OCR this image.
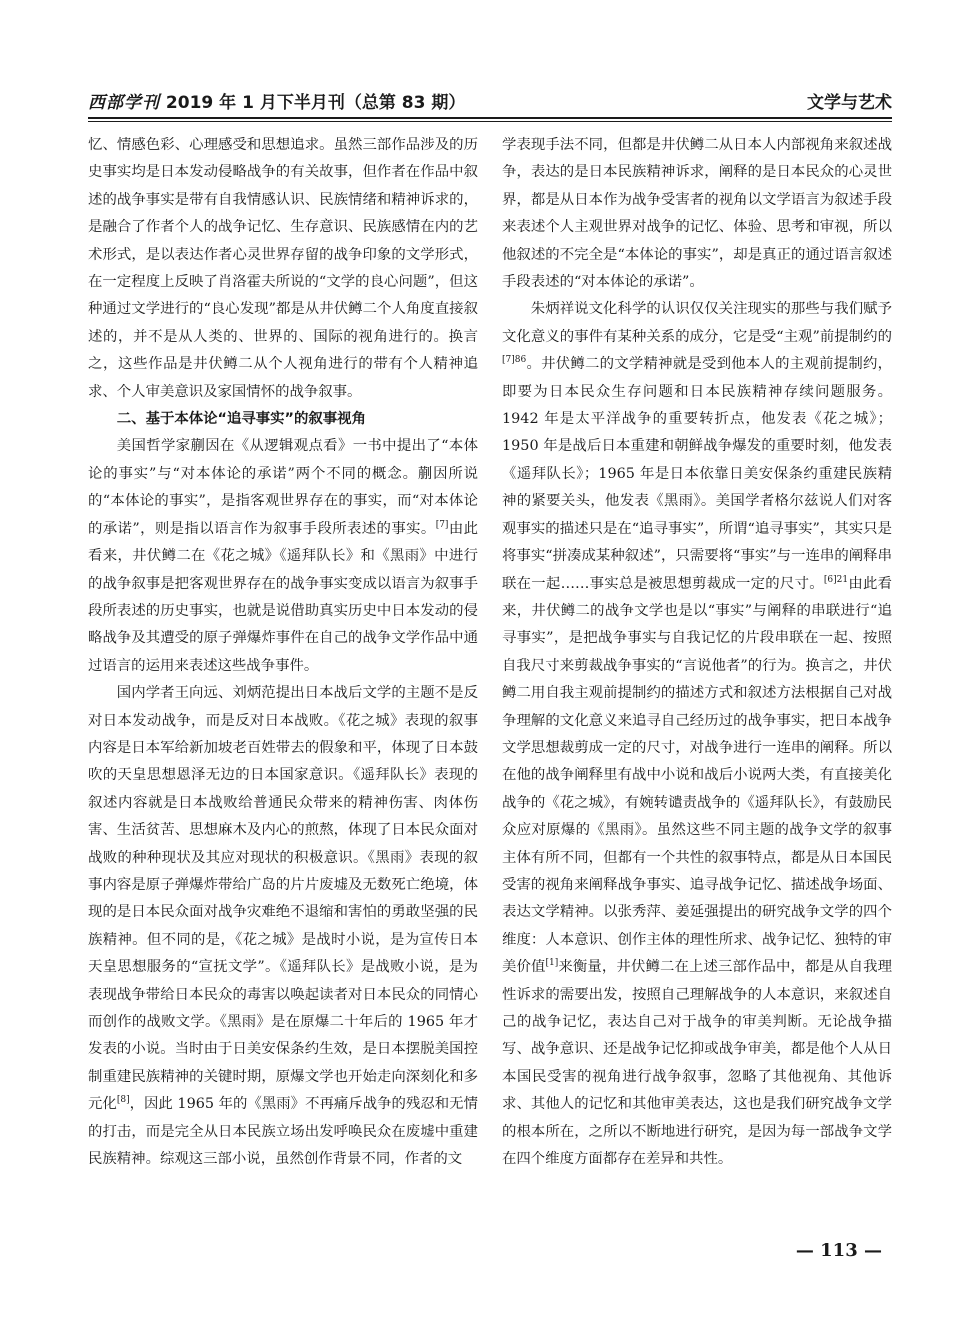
西部学刊 2019 年 1 月下半月刊（总第 83 期）	文学与艺术

忆、情感色彩、心理感受和思想追求。虽然三部作品涉及的历史事实均是日本发动侵略战争的有关故事，但作者在作品中叙述的战争事实是带有自我情感认识、民族情绪和精神诉求的，是融合了作者个人的战争记忆、生存意识、民族感情在内的艺术形式，是以表达作者心灵世界存留的战争印象的文学形式，在一定程度上反映了肖洛霍夫所说的“文学的良心问题”，但这种通过文学进行的“良心发现”都是从井伏鳟二个人角度直接叙述的，并不是从人类的、世界的、国际的视角进行的。换言之，这些作品是井伏鳟二从个人视角进行的带有个人精神追求、个人审美意识及家国情怀的战争叙事。

二、基于本体论“追寻事实”的叙事视角

美国哲学家蒯因在《从逻辑观点看》一书中提出了“本体论的事实”与“对本体论的承诺”两个不同的概念。蒯因所说的“本体论的事实”，是指客观世界存在的事实，而“对本体论的承诺”，则是指以语言作为叙事手段所表述的事实。[7]由此看来，井伏鳟二在《花之城》《遥拜队长》和《黑雨》中进行的战争叙事是把客观世界存在的战争事实变成以语言为叙事手段所表述的历史事实，也就是说借助真实历史中日本发动的侵略战争及其遭受的原子弹爆炸事件在自己的战争文学作品中通过语言的运用来表述这些战争事件。

国内学者王向远、刘炳范提出日本战后文学的主题不是反对日本发动战争，而是反对日本战败。《花之城》表现的叙事内容是日本军给新加坡老百姓带去的假象和平，体现了日本鼓吹的天皇思想恩泽无边的日本国家意识。《遥拜队长》表现的叙述内容就是日本战败给普通民众带来的精神伤害、肉体伤害、生活贫苦、思想麻木及内心的煎熬，体现了日本民众面对战败的种种现状及其应对现状的积极意识。《黑雨》表现的叙事内容是原子弹爆炸带给广岛的片片废墟及无数死亡绝境，体现的是日本民众面对战争灾难绝不退缩和害怕的勇敢坚强的民族精神。但不同的是，《花之城》是战时小说，是为宣传日本天皇思想服务的“宣抚文学”。《遥拜队长》是战败小说，是为表现战争带给日本民众的毒害以唤起读者对日本民众的同情心而创作的战败文学。《黑雨》是在原爆二十年后的 1965 年才发表的小说。当时由于日美安保条约生效，是日本摆脱美国控制重建民族精神的关键时期，原爆文学也开始走向深刻化和多元化[8]，因此 1965 年的《黑雨》不再痛斥战争的残忍和无情的打击，而是完全从日本民族立场出发呼唤民众在废墟中重建民族精神。综观这三部小说，虽然创作背景不同，作者的文

学表现手法不同，但都是井伏鳟二从日本人内部视角来叙述战争，表达的是日本民族精神诉求，阐释的是日本民众的心灵世界，都是从日本作为战争受害者的视角以文学语言为叙述手段来表述个人主观世界对战争的记忆、体验、思考和审视，所以他叙述的不完全是“本体论的事实”，却是真正的通过语言叙述手段表述的“对本体论的承诺”。

朱炳祥说文化科学的认识仅仅关注现实的那些与我们赋予文化意义的事件有某种关系的成分，它是受“主观”前提制约的$^{[7]86}$。井伏鳟二的文学精神就是受到他本人的主观前提制约，即要为日本民众生存问题和日本民族精神存续问题服务。1942 年是太平洋战争的重要转折点，他发表《花之城》；1950 年是战后日本重建和朝鲜战争爆发的重要时刻，他发表《遥拜队长》；1965 年是日本依靠日美安保条约重建民族精神的紧要关头，他发表《黑雨》。美国学者格尔兹说人们对客观事实的描述只是在“追寻事实”，所谓“追寻事实”，其实只是将事实“拼凑成某种叙述”，只需要将“事实”与一连串的阐释串联在一起……事实总是被思想剪裁成一定的尺寸。$^{[6]21}$由此看来，井伏鳟二的战争文学也是以“事实”与阐释的串联进行“追寻事实”，是把战争事实与自我记忆的片段串联在一起、按照自我尺寸来剪裁战争事实的“言说他者”的行为。换言之，井伏鳟二用自我主观前提制约的描述方式和叙述方法根据自己对战争理解的文化意义来追寻自己经历过的战争事实，把日本战争文学思想裁剪成一定的尺寸，对战争进行一连串的阐释。所以在他的战争阐释里有战中小说和战后小说两大类，有直接美化战争的《花之城》，有婉转谴责战争的《遥拜队长》，有鼓励民众应对原爆的《黑雨》。虽然这些不同主题的战争文学的叙事主体有所不同，但都有一个共性的叙事特点，都是从日本国民受害的视角来阐释战争事实、追寻战争记忆、描述战争场面、表达文学精神。以张秀萍、姜延强提出的研究战争文学的四个维度：人本意识、创作主体的理性所求、战争记忆、独特的审美价值[1]来衡量，井伏鳟二在上述三部作品中，都是从自我理性诉求的需要出发，按照自己理解战争的人本意识，来叙述自己的战争记忆，表达自己对于战争的审美判断。无论战争描写、战争意识、还是战争记忆抑或战争审美，都是他个人从日本国民受害的视角进行战争叙事，忽略了其他视角、其他诉求、其他人的记忆和其他审美表达，这也是我们研究战争文学的根本所在，之所以不断地进行研究，是因为每一部战争文学在四个维度方面都存在差异和共性。

— 113 —
